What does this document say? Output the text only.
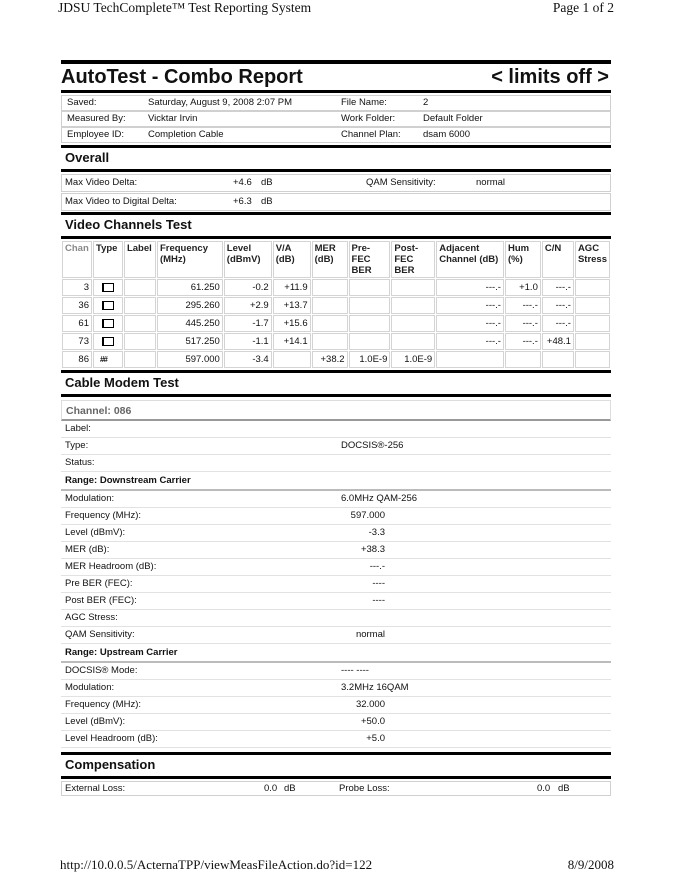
JDSU TechComplete™ Test Reporting System	Page 1 of 2
http://10.0.0.5/ActernaTPP/viewMeasFileAction.do?id=122	8/9/2008
AutoTest - Combo Report	< limits off >
Saved:	Saturday, August 9, 2008 2:07 PM	File Name:	2
Measured By: Vicktar Irvin	Work Folder:	Default Folder
Employee ID:	Completion Cable	Channel Plan: dsam 6000
Overall
Max Video Delta:	+4.6 dB	QAM Sensitivity:	normal
Max Video to Digital Delta:	+6.3 dB
Video Channels Test
Chan	Type	Label	Frequency (MHz)	Level (dBmV)	V/A (dB)	MER (dB)	Pre-FEC BER	Post-FEC BER	Adjacent Channel (dB)	Hum (%)	C/N	AGC Stress
3			61.250	-0.2	+11.9				---.-	+1.0	---.-	
36			295.260	+2.9	+13.7				---.-	---.-	---.-	
61			445.250	-1.7	+15.6				---.-	---.-	---.-	
73			517.250	-1.1	+14.1				---.-	---.-	+48.1	
86	##		597.000	-3.4		+38.2	1.0E-9	1.0E-9				
Cable Modem Test
Channel: 086
Label:
Type:	DOCSIS®-256
Status:
Range: Downstream Carrier
Modulation:	6.0MHz QAM-256
Frequency (MHz):	597.000
Level (dBmV):	-3.3
MER (dB):	+38.3
MER Headroom (dB):	---.-
Pre BER (FEC):	----
Post BER (FEC):	----
AGC Stress:
QAM Sensitivity:	normal
Range: Upstream Carrier
DOCSIS® Mode:	---- ----
Modulation:	3.2MHz 16QAM
Frequency (MHz):	32.000
Level (dBmV):	+50.0
Level Headroom (dB):	+5.0
Compensation
External Loss:	0.0 dB	Probe Loss:	0.0 dB
